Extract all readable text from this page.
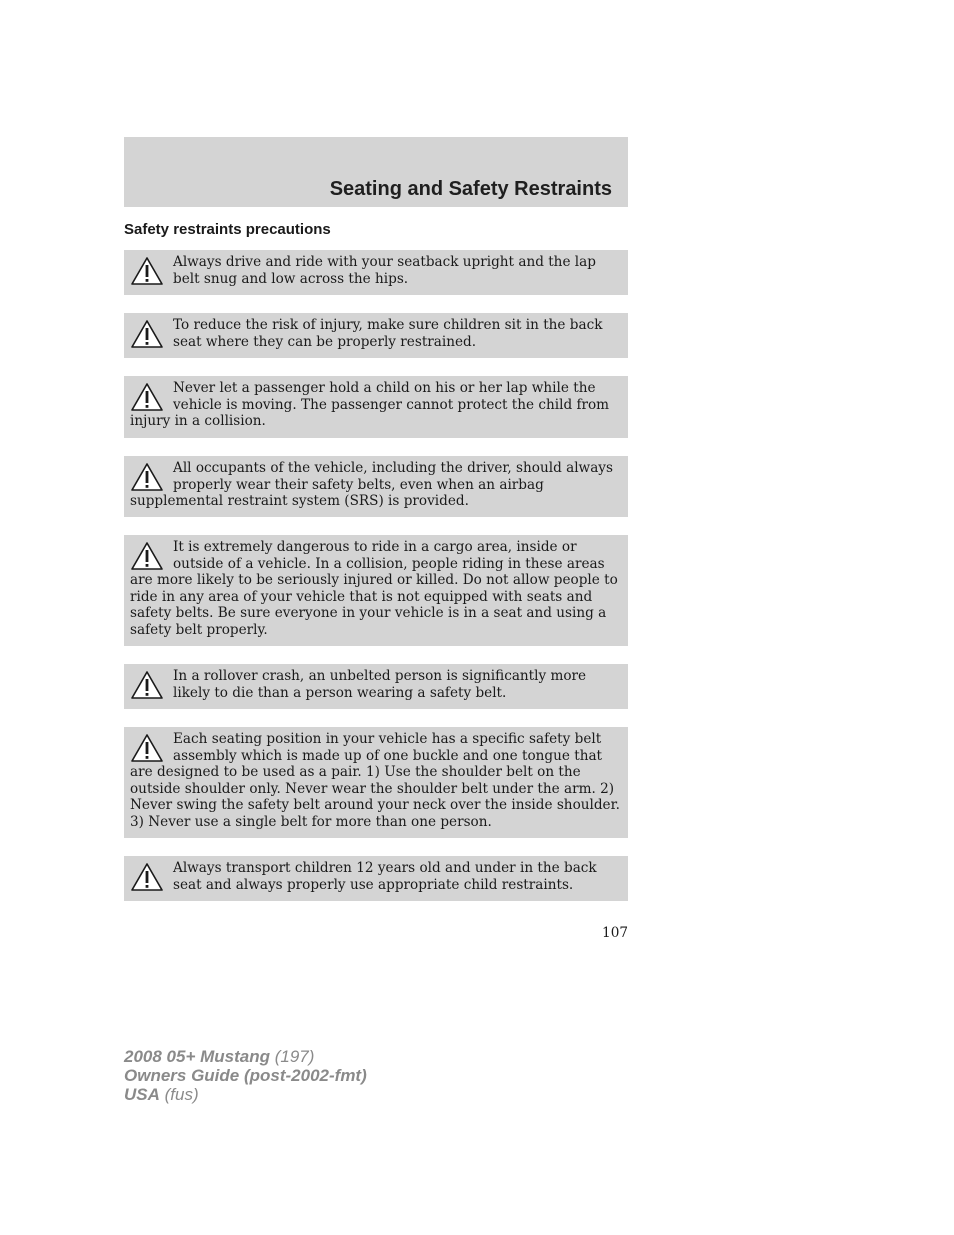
Seating and Safety Restraints
Safety restraints precautions

Always drive and ride with your seatback upright and the lap belt snug and low across the hips.

To reduce the risk of injury, make sure children sit in the back seat where they can be properly restrained.

Never let a passenger hold a child on his or her lap while the vehicle is moving. The passenger cannot protect the child from injury in a collision.

All occupants of the vehicle, including the driver, should always properly wear their safety belts, even when an airbag supplemental restraint system (SRS) is provided.

It is extremely dangerous to ride in a cargo area, inside or outside of a vehicle. In a collision, people riding in these areas are more likely to be seriously injured or killed. Do not allow people to ride in any area of your vehicle that is not equipped with seats and safety belts. Be sure everyone in your vehicle is in a seat and using a safety belt properly.

In a rollover crash, an unbelted person is significantly more likely to die than a person wearing a safety belt.

Each seating position in your vehicle has a specific safety belt assembly which is made up of one buckle and one tongue that are designed to be used as a pair. 1) Use the shoulder belt on the outside shoulder only. Never wear the shoulder belt under the arm. 2) Never swing the safety belt around your neck over the inside shoulder. 3) Never use a single belt for more than one person.

Always transport children 12 years old and under in the back seat and always properly use appropriate child restraints.

107
2008 05+ Mustang (197)
Owners Guide (post-2002-fmt)
USA (fus)
